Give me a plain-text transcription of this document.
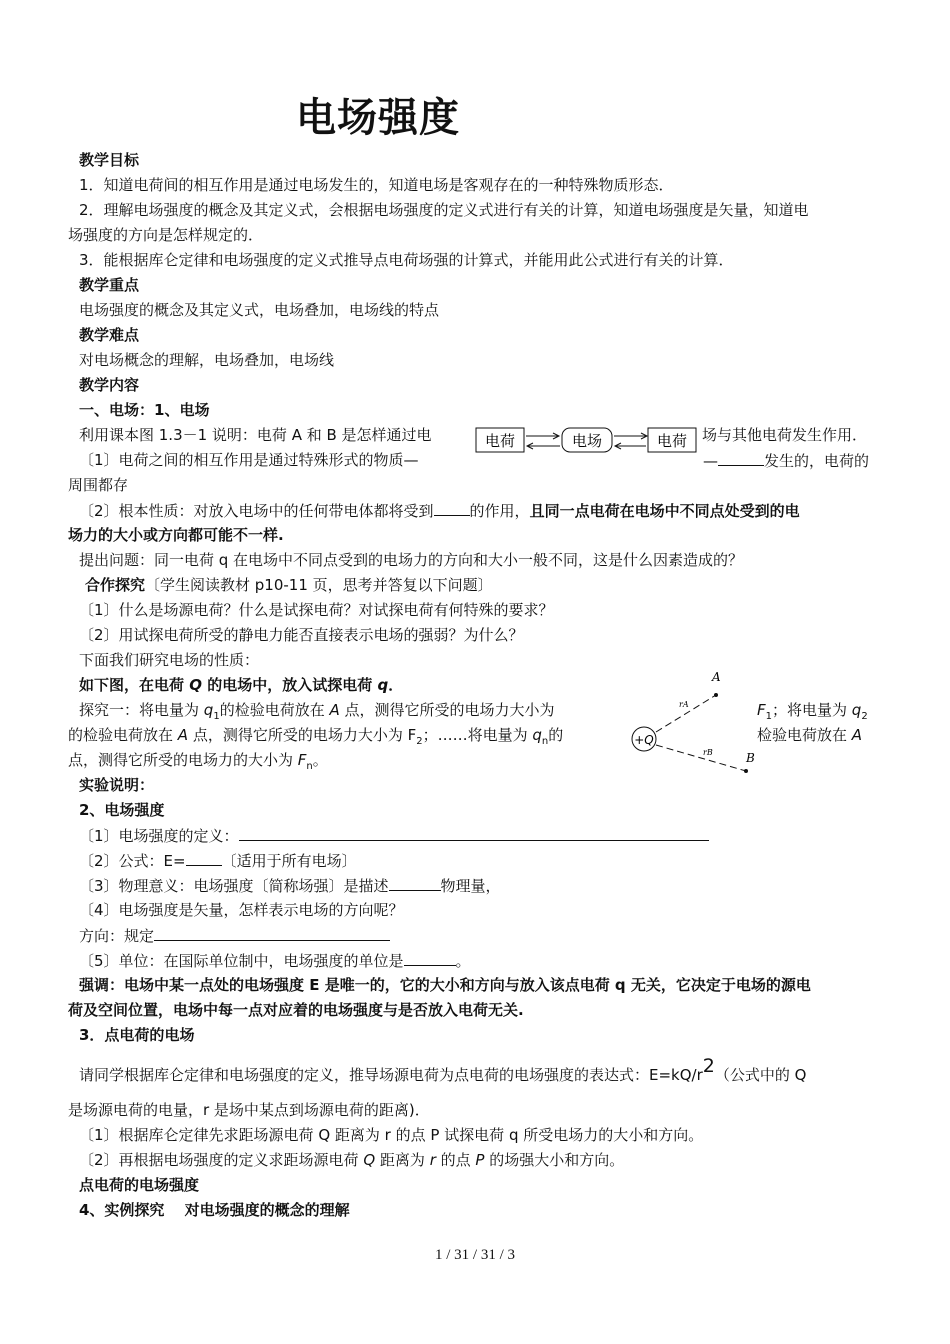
电场强度
教学目标
1．知道电荷间的相互作用是通过电场发生的，知道电场是客观存在的一种特殊物质形态．
2．理解电场强度的概念及其定义式，会根据电场强度的定义式进行有关的计算，知道电场强度是矢量，知道电
场强度的方向是怎样规定的．
3．能根据库仑定律和电场强度的定义式推导点电荷场强的计算式，并能用此公式进行有关的计算．
教学重点
电场强度的概念及其定义式，电场叠加，电场线的特点
教学难点
对电场概念的理解，电场叠加，电场线
教学内容
一、电场：1、电场
利用课本图 1.3－1 说明：电荷 A 和 B 是怎样通过电	场与其他电荷发生作用．
电荷	电场	电荷
〔1〕电荷之间的相互作用是通过特殊形式的物质—	—	发生的，电荷的
周围都存
〔2〕根本性质：对放入电场中的任何带电体都将受到 的作用，且同一点电荷在电场中不同点处受到的电
场力的大小或方向都可能不一样.
提出问题：同一电荷 q 在电场中不同点受到的电场力的方向和大小一般不同，这是什么因素造成的？
合作探究〔学生阅读教材 p10-11 页，思考并答复以下问题〕
〔1〕什么是场源电荷？什么是试探电荷？对试探电荷有何特殊的要求？
〔2〕用试探电荷所受的静电力能否直接表示电场的强弱？为什么？
下面我们研究电场的性质：
如下图，在电荷 Q 的电场中，放入试探电荷 q．
+Q
A
B
rA
rB
探究一：将电量为 $q_1$的检验电荷放在 A 点，测得它所受的电场力大小为	$F_1$；将电量为 $q_2$
的检验电荷放在 A 点，测得它所受的电场力大小为 $F_2$；……将电量为 $q_n$的	检验电荷放在 A
点，测得它所受的电场力的大小为 $F_n$。
实验说明：
2、电场强度
〔1〕电场强度的定义：
〔2〕公式：E= 〔适用于所有电场〕
〔3〕物理意义：电场强度〔简称场强〕是描述	物理量，
〔4〕电场强度是矢量，怎样表示电场的方向呢？
方向：规定
〔5〕单位：在国际单位制中，电场强度的单位是	。
强调：电场中某一点处的电场强度 E 是唯一的，它的大小和方向与放入该点电荷 q 无关，它决定于电场的源电
荷及空间位置，电场中每一点对应着的电场强度与是否放入电荷无关.
3．点电荷的电场
请同学根据库仑定律和电场强度的定义，推导场源电荷为点电荷的电场强度的表达式：$E=kQ/r^2$（公式中的 Q
是场源电荷的电量，r 是场中某点到场源电荷的距离)．
〔1〕根据库仑定律先求距场源电荷 Q 距离为 r 的点 P 试探电荷 q 所受电场力的大小和方向。
〔2〕再根据电场强度的定义求距场源电荷 Q 距离为 r 的点 P 的场强大小和方向。
点电荷的电场强度
4、实例探究　 对电场强度的概念的理解
1 / 31 / 31 / 3
